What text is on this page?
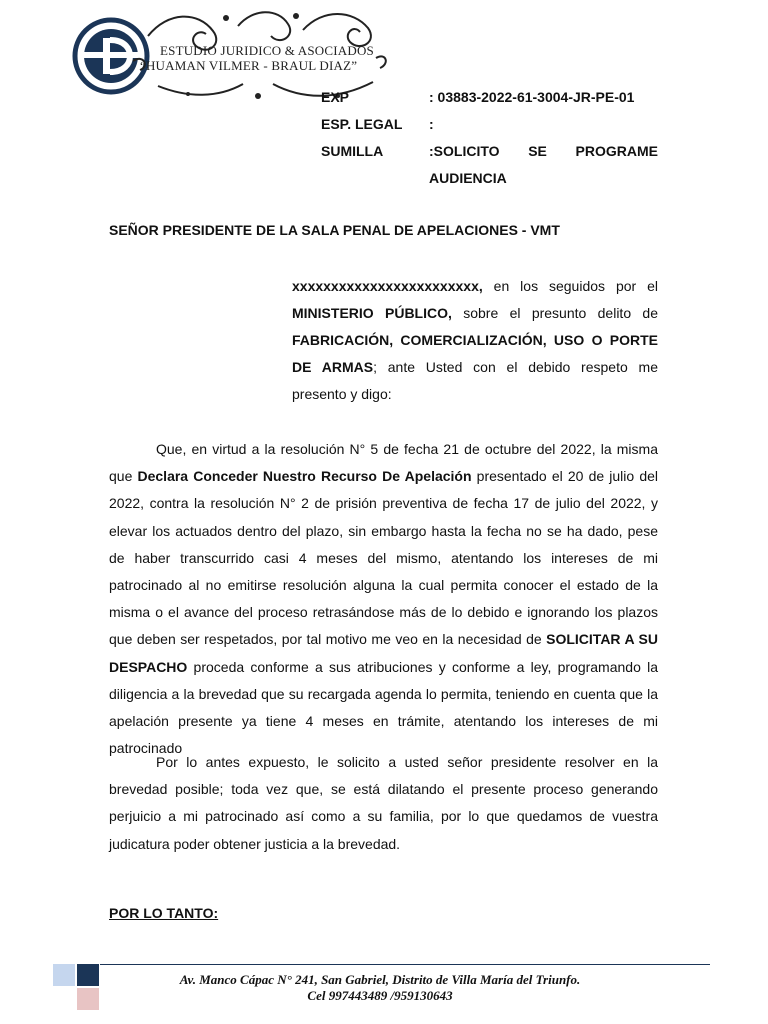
ESTUDIO JURIDICO & ASOCIADOS
“HUAMAN VILMER - BRAUL DIAZ”
EXP	: 03883-2022-61-3004-JR-PE-01
ESP. LEGAL	:
SUMILLA	:SOLICITO SE PROGRAME
AUDIENCIA
SEÑOR PRESIDENTE DE LA SALA PENAL DE APELACIONES - VMT
xxxxxxxxxxxxxxxxxxxxxxxx, en los seguidos por el MINISTERIO PÚBLICO, sobre el presunto delito de FABRICACIÓN, COMERCIALIZACIÓN, USO O PORTE DE ARMAS; ante Usted con el debido respeto me presento y digo:
Que, en virtud a la resolución N° 5 de fecha 21 de octubre del 2022, la misma que Declara Conceder Nuestro Recurso De Apelación presentado el 20 de julio del 2022, contra la resolución N° 2 de prisión preventiva de fecha 17 de julio del 2022, y elevar los actuados dentro del plazo, sin embargo hasta la fecha no se ha dado, pese de haber transcurrido casi 4 meses del mismo, atentando los intereses de mi patrocinado al no emitirse resolución alguna la cual permita conocer el estado de la misma o el avance del proceso retrasándose más de lo debido e ignorando los plazos que deben ser respetados, por tal motivo me veo en la necesidad de SOLICITAR A SU DESPACHO proceda conforme a sus atribuciones y conforme a ley, programando la diligencia a la brevedad que su recargada agenda lo permita, teniendo en cuenta que la apelación presente ya tiene 4 meses en trámite, atentando los intereses de mi patrocinado
Por lo antes expuesto, le solicito a usted señor presidente resolver en la brevedad posible; toda vez que, se está dilatando el presente proceso generando perjuicio a mi patrocinado así como a su familia, por lo que quedamos de vuestra judicatura poder obtener justicia a la brevedad.
POR LO TANTO:
Av. Manco Cápac N° 241, San Gabriel, Distrito de Villa María del Triunfo.
Cel 997443489 /959130643
